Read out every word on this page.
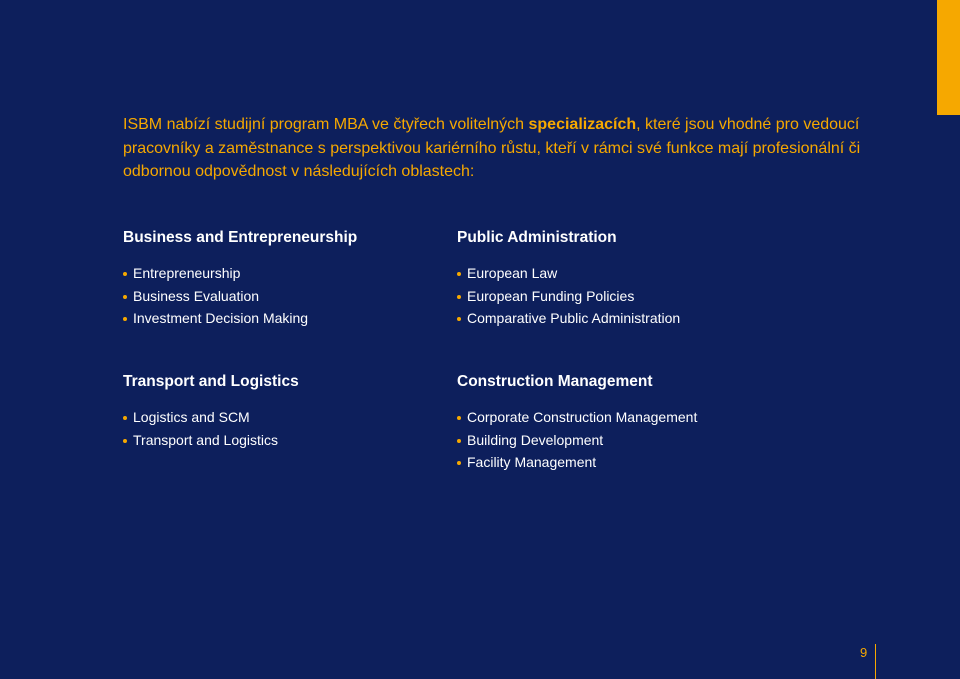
ISBM nabízí studijní program MBA ve čtyřech volitelných specializacích, které jsou vhodné pro vedoucí pracovníky a zaměstnance s perspektivou kariérního růstu, kteří v rámci své funkce mají profesionální či odbornou odpovědnost v následujících oblastech:

Business and Entrepreneurship
Entrepreneurship
Business Evaluation
Investment Decision Making
Public Administration
European Law
European Funding Policies
Comparative Public Administration
Transport and Logistics
Logistics and SCM
Transport and Logistics
Construction Management
Corporate Construction Management
Building Development
Facility Management
9
